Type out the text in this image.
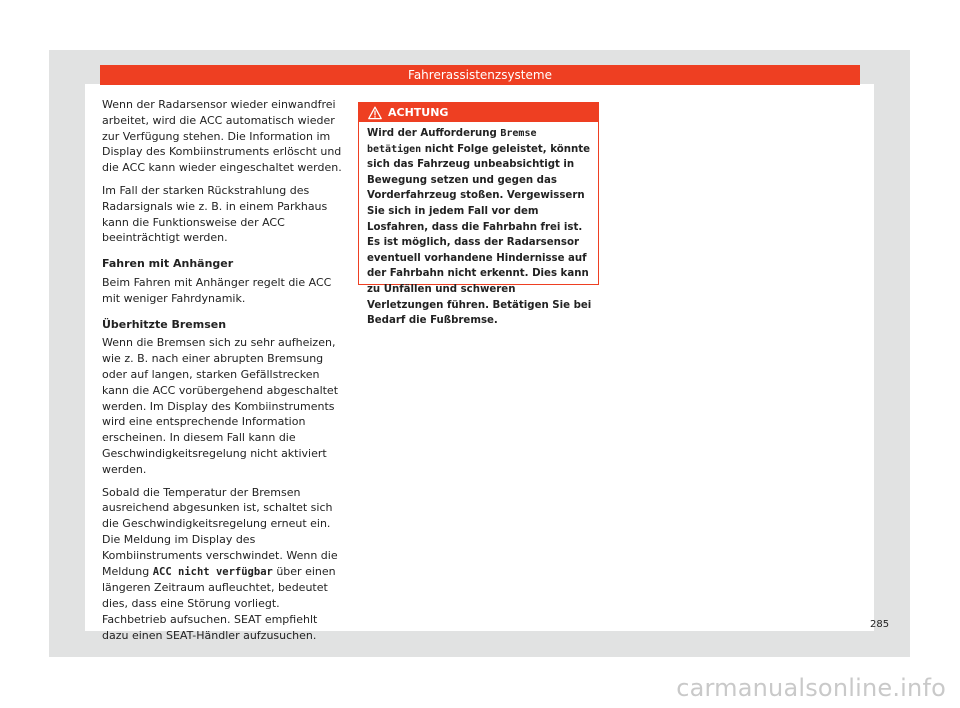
Fahrerassistenzsysteme

Wenn der Radarsensor wieder einwandfrei arbeitet, wird die ACC automatisch wieder zur Verfügung stehen. Die Information im Display des Kombiinstruments erlöscht und die ACC kann wieder eingeschaltet werden.

Im Fall der starken Rückstrahlung des Radarsignals wie z. B. in einem Parkhaus kann die Funktionsweise der ACC beeinträchtigt werden.

Fahren mit Anhänger

Beim Fahren mit Anhänger regelt die ACC mit weniger Fahrdynamik.

Überhitzte Bremsen

Wenn die Bremsen sich zu sehr aufheizen, wie z. B. nach einer abrupten Bremsung oder auf langen, starken Gefällstrecken kann die ACC vorübergehend abgeschaltet werden. Im Display des Kombiinstruments wird eine entsprechende Information erscheinen. In diesem Fall kann die Geschwindigkeitsregelung nicht aktiviert werden.

Sobald die Temperatur der Bremsen ausreichend abgesunken ist, schaltet sich die Geschwindigkeitsregelung erneut ein. Die Meldung im Display des Kombiinstruments verschwindet. Wenn die Meldung ACC nicht verfügbar über einen längeren Zeitraum aufleuchtet, bedeutet dies, dass eine Störung vorliegt. Fachbetrieb aufsuchen. SEAT empfiehlt dazu einen SEAT-Händler aufzusuchen.

ACHTUNG
Wird der Aufforderung Bremse betätigen nicht Folge geleistet, könnte sich das Fahrzeug unbeabsichtigt in Bewegung setzen und gegen das Vorderfahrzeug stoßen. Vergewissern Sie sich in jedem Fall vor dem Losfahren, dass die Fahrbahn frei ist. Es ist möglich, dass der Radarsensor eventuell vorhandene Hindernisse auf der Fahrbahn nicht erkennt. Dies kann zu Unfällen und schweren Verletzungen führen. Betätigen Sie bei Bedarf die Fußbremse.
285
carmanualsonline.info
